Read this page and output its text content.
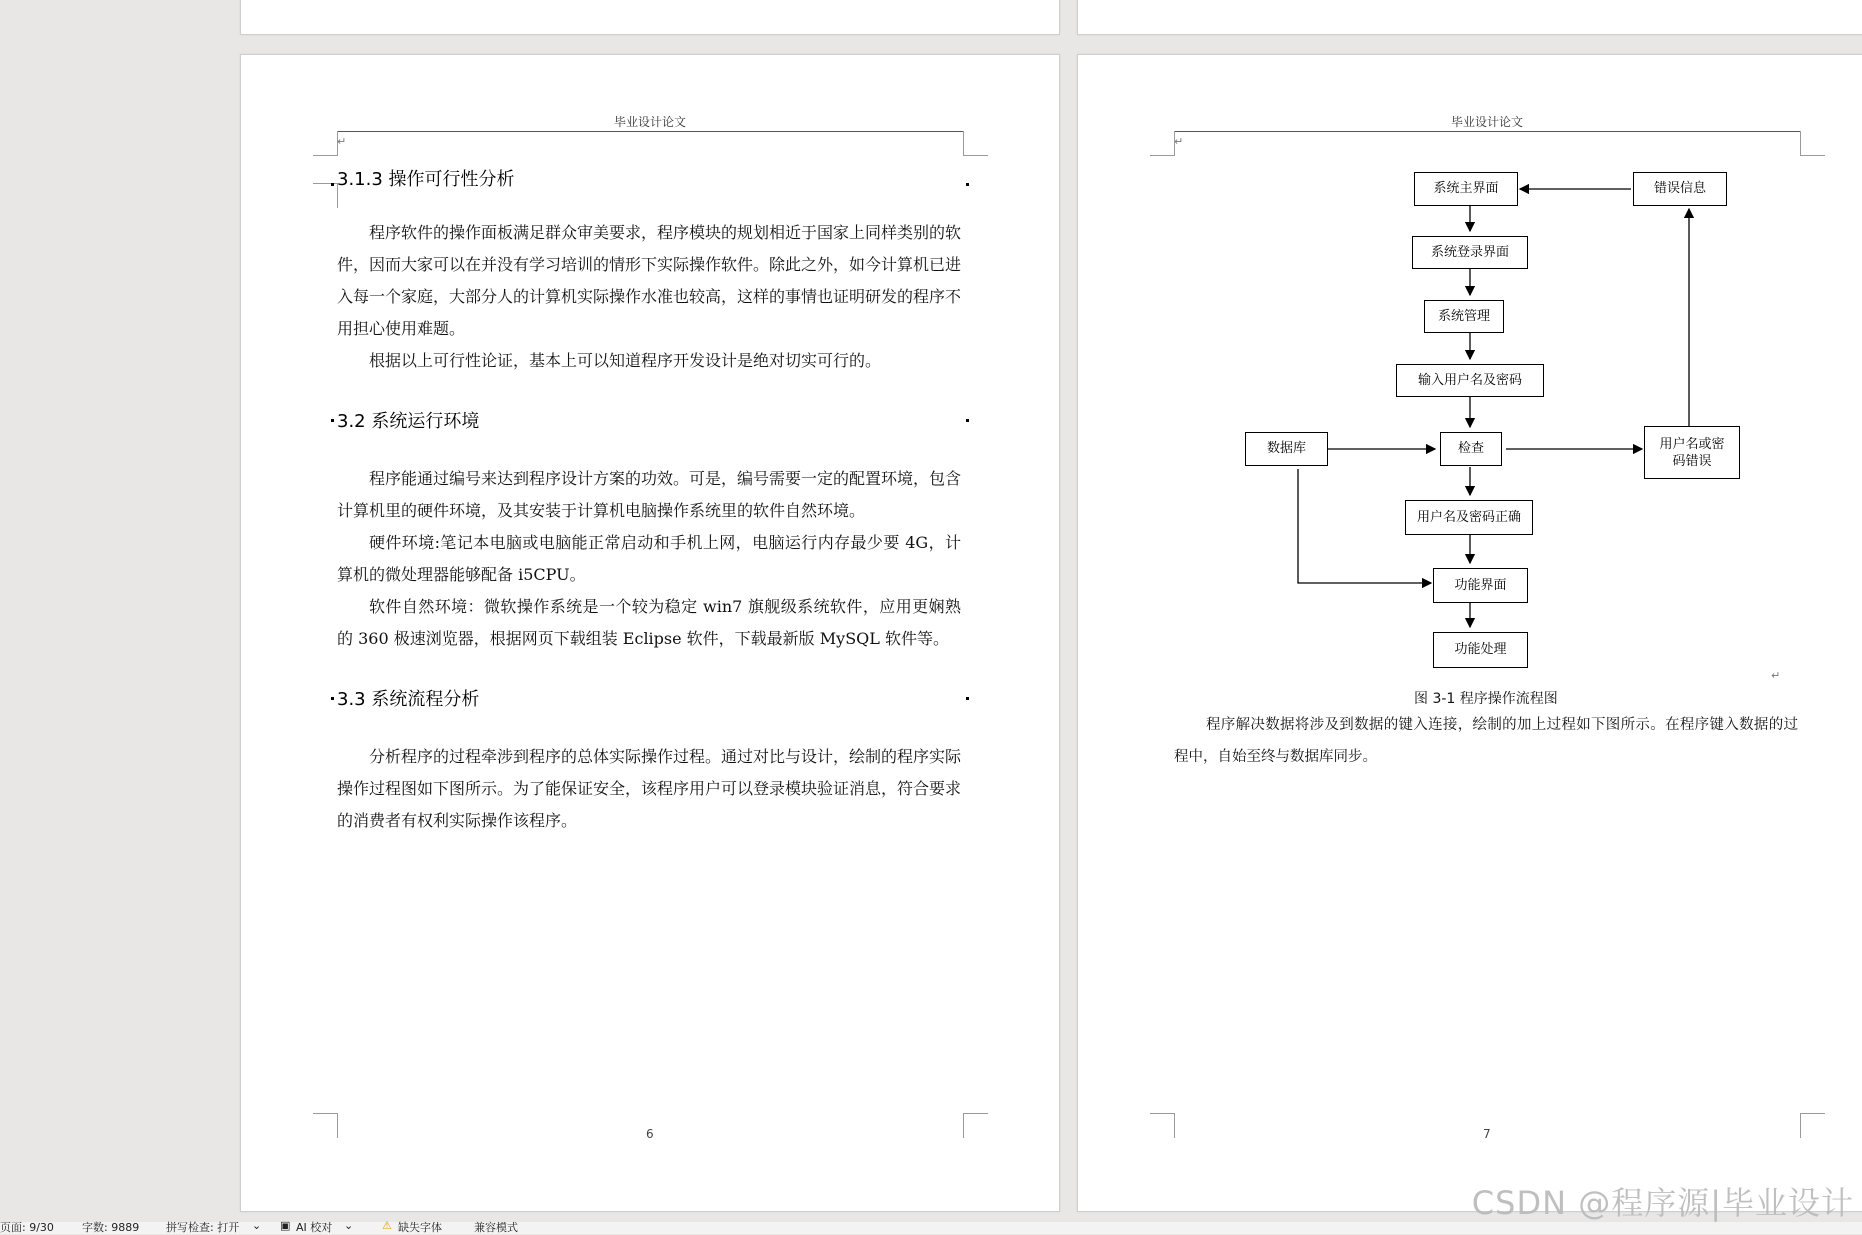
毕业设计论文
↵
3.1.3 操作可行性分析

程序软件的操作面板满足群众审美要求，程序模块的规划相近于国家上同样类别的软件，因而大家可以在并没有学习培训的情形下实际操作软件。除此之外，如今计算机已进入每一个家庭，大部分人的计算机实际操作水准也较高，这样的事情也证明研发的程序不用担心使用难题。

根据以上可行性论证，基本上可以知道程序开发设计是绝对切实可行的。

3.2 系统运行环境

程序能通过编号来达到程序设计方案的功效。可是，编号需要一定的配置环境，包含计算机里的硬件环境，及其安装于计算机电脑操作系统里的软件自然环境。

硬件环境:笔记本电脑或电脑能正常启动和手机上网，电脑运行内存最少要 4G，计算机的微处理器能够配备 i5CPU。

软件自然环境：微软操作系统是一个较为稳定 win7 旗舰级系统软件，应用更娴熟的 360 极速浏览器，根据网页下载组装 Eclipse 软件，下载最新版 MySQL 软件等。

3.3 系统流程分析

分析程序的过程牵涉到程序的总体实际操作过程。通过对比与设计，绘制的程序实际操作过程图如下图所示。为了能保证安全，该程序用户可以登录模块验证消息，符合要求的消费者有权利实际操作该程序。

6
毕业设计论文
↵
系统主界面	错误信息
系统登录界面
系统管理
输入用户名及密码
数据库	检查	用户名或密
码错误
用户名及密码正确
功能界面
功能处理
↵
图 3-1 程序操作流程图

程序解决数据将涉及到数据的键入连接，绘制的加上过程如下图所示。在程序键入数据的过程中，自始至终与数据库同步。

7
CSDN @程序源|毕业设计
页面: 9/30	字数: 9889 拼写检查: 打开 ⌄ ▣ AI 校对 ⌄	⚠ 缺失字体	兼容模式
